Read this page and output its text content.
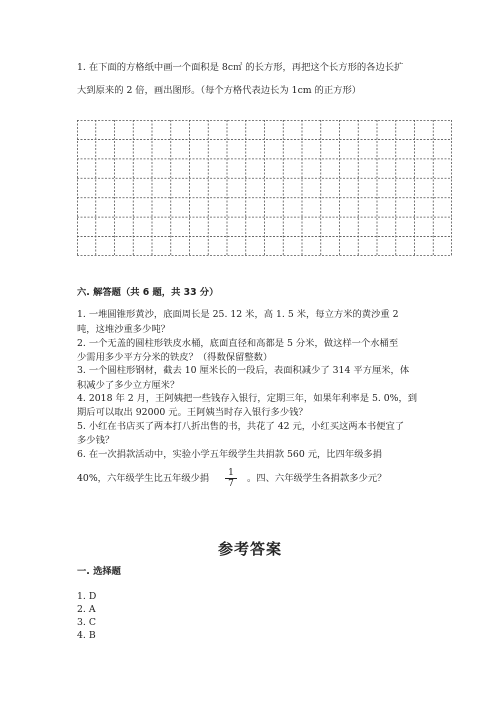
1. 在下面的方格纸中画一个面积是 8c㎡ 的长方形，再把这个长方形的各边长扩
大到原来的 2 倍，画出图形。（每个方格代表边长为 1cm 的正方形）
六. 解答题（共 6 题，共 33 分）
1. 一堆圆锥形黄沙，底面周长是 25. 12 米，高 1. 5 米，每立方米的黄沙重 2
吨，这堆沙重多少吨？
2. 一个无盖的圆柱形铁皮水桶，底面直径和高都是 5 分米，做这样一个水桶至
少需用多少平方分米的铁皮？（得数保留整数）
3. 一个圆柱形钢材，截去 10 厘米长的一段后，表面积减少了 314 平方厘米，体
积减少了多少立方厘米？
4. 2018 年 2 月，王阿姨把一些钱存入银行，定期三年，如果年利率是 5. 0%，到
期后可以取出 92000 元。王阿姨当时存入银行多少钱？
5. 小红在书店买了两本打八折出售的书，共花了 42 元，小红买这两本书便宜了
多少钱？
6. 在一次捐款活动中，实验小学五年级学生共捐款 560 元，比四年级多捐
40%，六年级学生比五年级少捐 $\frac{1}{7}$ 。四、六年级学生各捐款多少元？
参考答案
一. 选择题
1. D
2. A
3. C
4. B
